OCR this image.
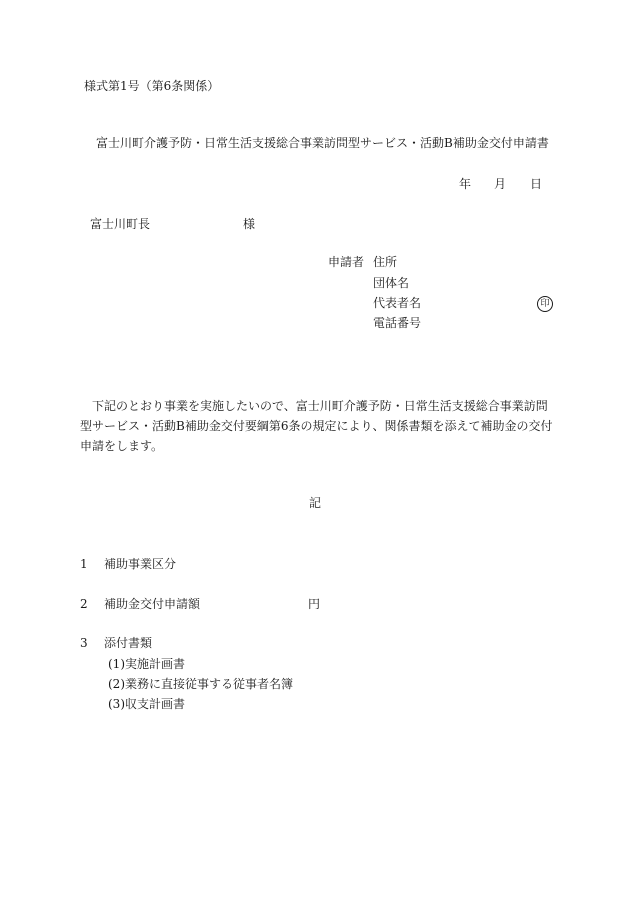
様式第1号（第6条関係）
富士川町介護予防・日常生活支援総合事業訪問型サービス・活動B補助金交付申請書
年 月 日
富士川町長	様
申請者 住所
団体名
代表者名	印
電話番号
下記のとおり事業を実施したいので、富士川町介護予防・日常生活支援総合事業訪問型サービス・活動B補助金交付要綱第6条の規定により、関係書類を添えて補助金の交付申請をします。
記
1 補助事業区分
2 補助金交付申請額	円
3 添付書類
(1)実施計画書
(2)業務に直接従事する従事者名簿
(3)収支計画書
